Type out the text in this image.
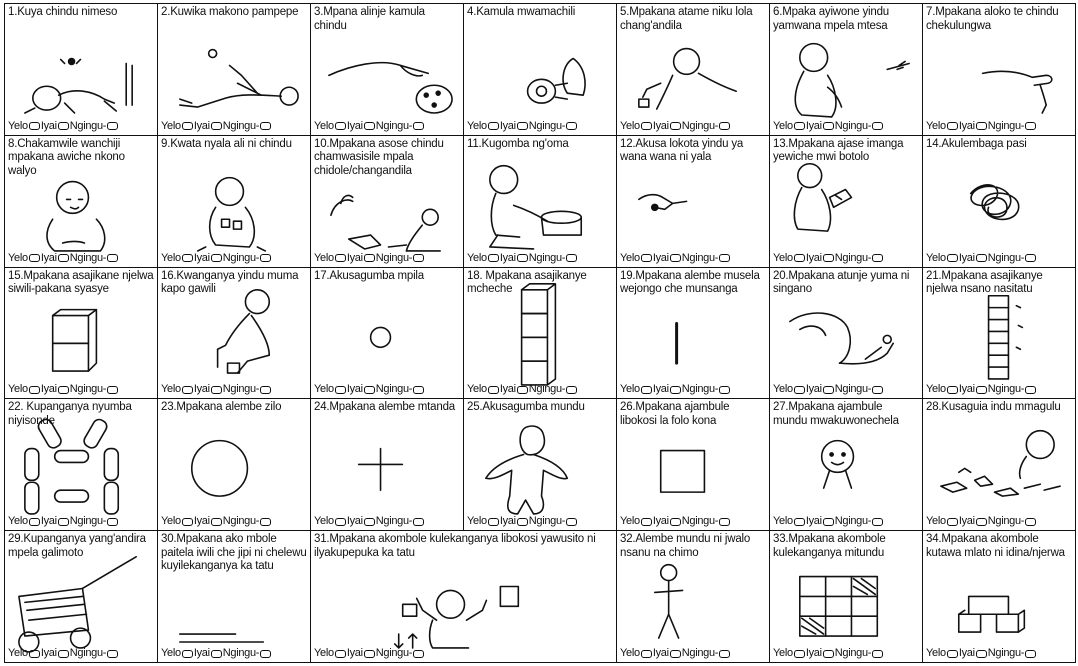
1.Kuya chindu nimeso
Yelo Iyai Ngingu-
2.Kuwika makono pampepe
Yelo Iyai Ngingu-
3.Mpana alinje kamula chindu
Yelo Iyai Ngingu-
4.Kamula mwamachili
Yelo Iyai Ngingu-
5.Mpakana atame niku lola chang'andila
Yelo Iyai Ngingu-
6.Mpaka ayiwone yindu yamwana mpela mtesa
Yelo Iyai Ngingu-
7.Mpakana aloko te chindu chekulungwa
Yelo Iyai Ngingu-
8.Chakamwile wanchiji mpakana awiche nkono walyo
Yelo Iyai Ngingu-
9.Kwata nyala ali ni chindu
Yelo Iyai Ngingu-
10.Mpakana asose chindu chamwasisile mpala chidole/changandila
Yelo Iyai Ngingu-
11.Kugomba ng'oma
Yelo Iyai Ngingu-
12.Akusa lokota yindu ya wana wana ni yala
Yelo Iyai Ngingu-
13.Mpakana ajase imanga yewiche mwi botolo
Yelo Iyai Ngingu-
14.Akulembaga pasi
Yelo Iyai Ngingu-
15.Mpakana asajikane njelwa siwili-pakana syasye
Yelo Iyai Ngingu-
16.Kwanganya yindu muma kapo gawili
Yelo Iyai Ngingu-
17.Akusagumba mpila
Yelo Iyai Ngingu-
18. Mpakana asajikanye mcheche
Yelo Iyai Ngingu-
19.Mpakana alembe musela wejongo che munsanga
Yelo Iyai Ngingu-
20.Mpakana atunje yuma ni singano
Yelo Iyai Ngingu-
21.Mpakana asajikanye njelwa nsano nasitatu
Yelo Iyai Ngingu-
22. Kupanganya nyumba niyisonde
Yelo Iyai Ngingu-
23.Mpakana alembe zilo
Yelo Iyai Ngingu-
24.Mpakana alembe mtanda
Yelo Iyai Ngingu-
25.Akusagumba mundu
Yelo Iyai Ngingu-
26.Mpakana ajambule libokosi la folo kona
Yelo Iyai Ngingu-
27.Mpakana ajambule mundu mwakuwonechela
Yelo Iyai Ngingu-
28.Kusaguia indu mmagulu
Yelo Iyai Ngingu-
29.Kupanganya yang'andira mpela galimoto
Yelo Iyai Ngingu-
30.Mpakana ako mbole paitela iwili che jipi ni chelewu kuyilekanganya ka tatu
Yelo Iyai Ngingu-
31.Mpakana akombole kulekanganya libokosi yawusito ni ilyakupepuka ka tatu
Yelo Iyai Ngingu-
32.Alembe mundu ni jwalo nsanu na chimo
Yelo Iyai Ngingu-
33.Mpakana akombole kulekanganya mitundu
Yelo Iyai Ngingu-
34.Mpakana akombole kutawa mlato ni idina/njerwa
Yelo Iyai Ngingu-
